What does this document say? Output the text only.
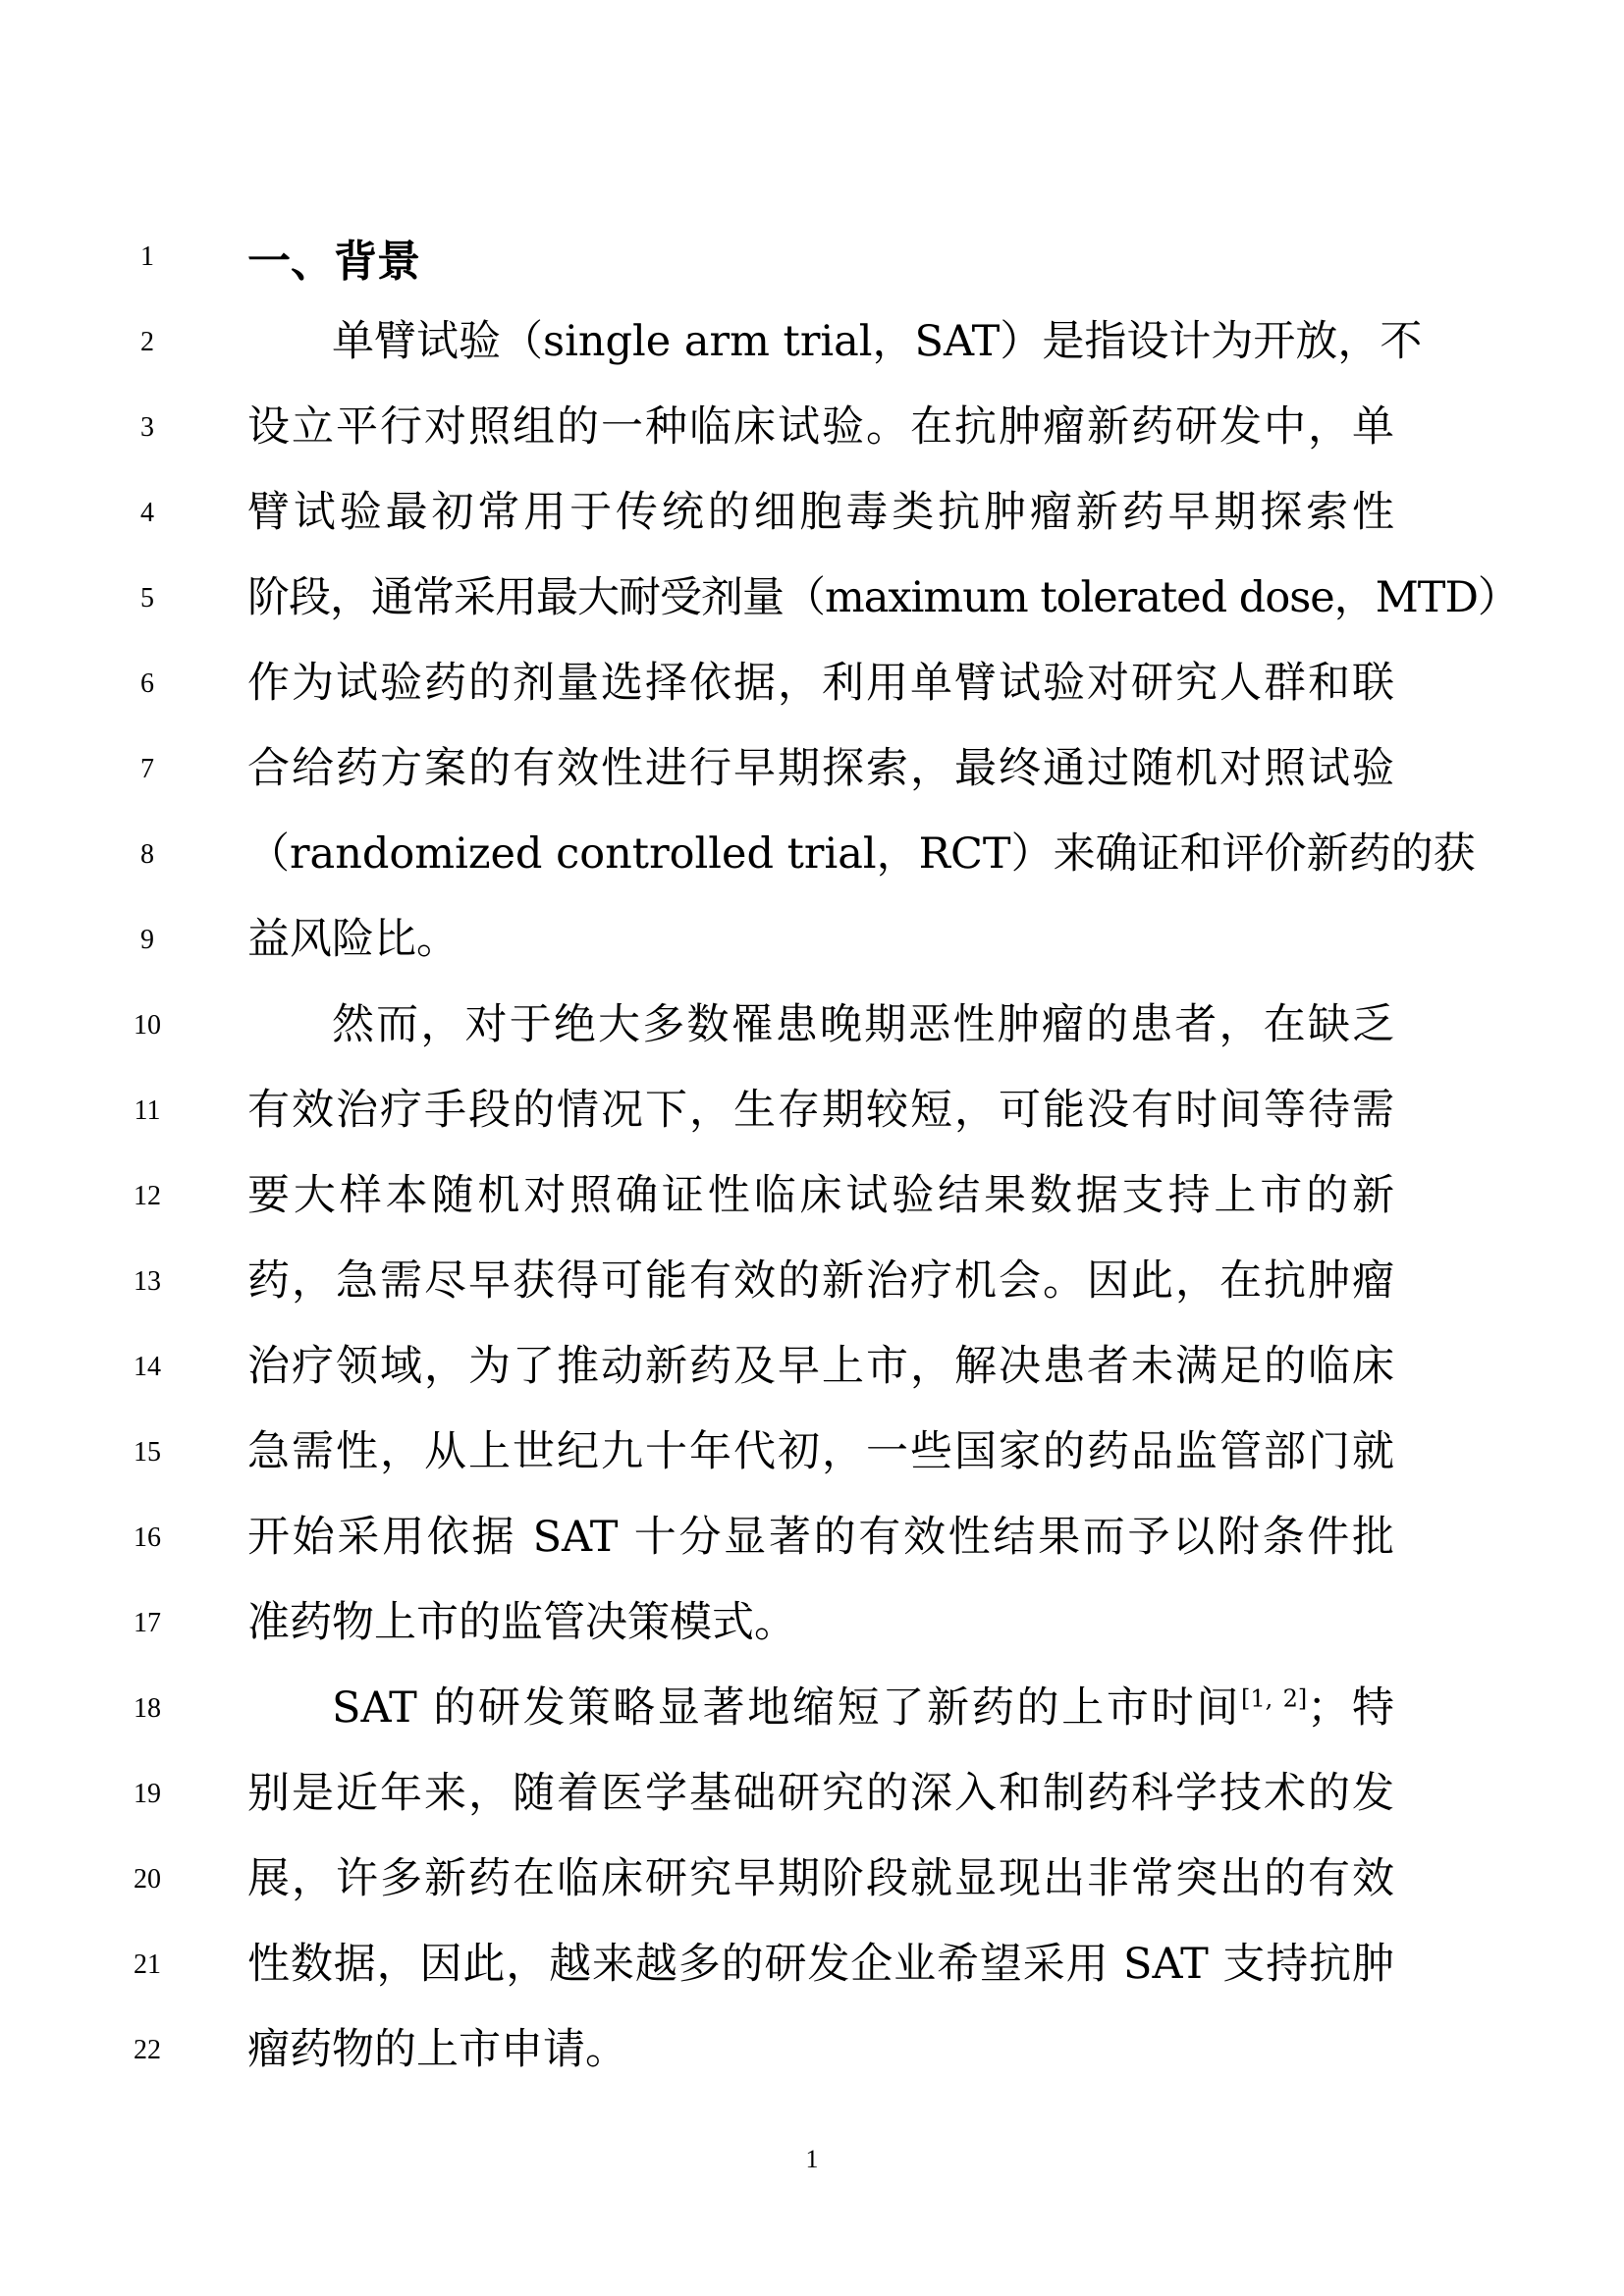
1	一、背景
2	单臂试验（single arm trial，SAT）是指设计为开放，不
3	设立平行对照组的一种临床试验。在抗肿瘤新药研发中，单
4	臂试验最初常用于传统的细胞毒类抗肿瘤新药早期探索性
5	阶段，通常采用最大耐受剂量（maximum tolerated dose，MTD）
6	作为试验药的剂量选择依据，利用单臂试验对研究人群和联
7	合给药方案的有效性进行早期探索，最终通过随机对照试验
8	（randomized controlled trial，RCT）来确证和评价新药的获
9	益风险比。
10	然而，对于绝大多数罹患晚期恶性肿瘤的患者，在缺乏
11	有效治疗手段的情况下，生存期较短，可能没有时间等待需
12	要大样本随机对照确证性临床试验结果数据支持上市的新
13	药，急需尽早获得可能有效的新治疗机会。因此，在抗肿瘤
14	治疗领域，为了推动新药及早上市，解决患者未满足的临床
15	急需性，从上世纪九十年代初，一些国家的药品监管部门就
16	开始采用依据 SAT 十分显著的有效性结果而予以附条件批
17	准药物上市的监管决策模式。
18	SAT 的研发策略显著地缩短了新药的上市时间[1, 2]；特
19	别是近年来，随着医学基础研究的深入和制药科学技术的发
20	展，许多新药在临床研究早期阶段就显现出非常突出的有效
21	性数据，因此，越来越多的研发企业希望采用 SAT 支持抗肿
22	瘤药物的上市申请。
1
